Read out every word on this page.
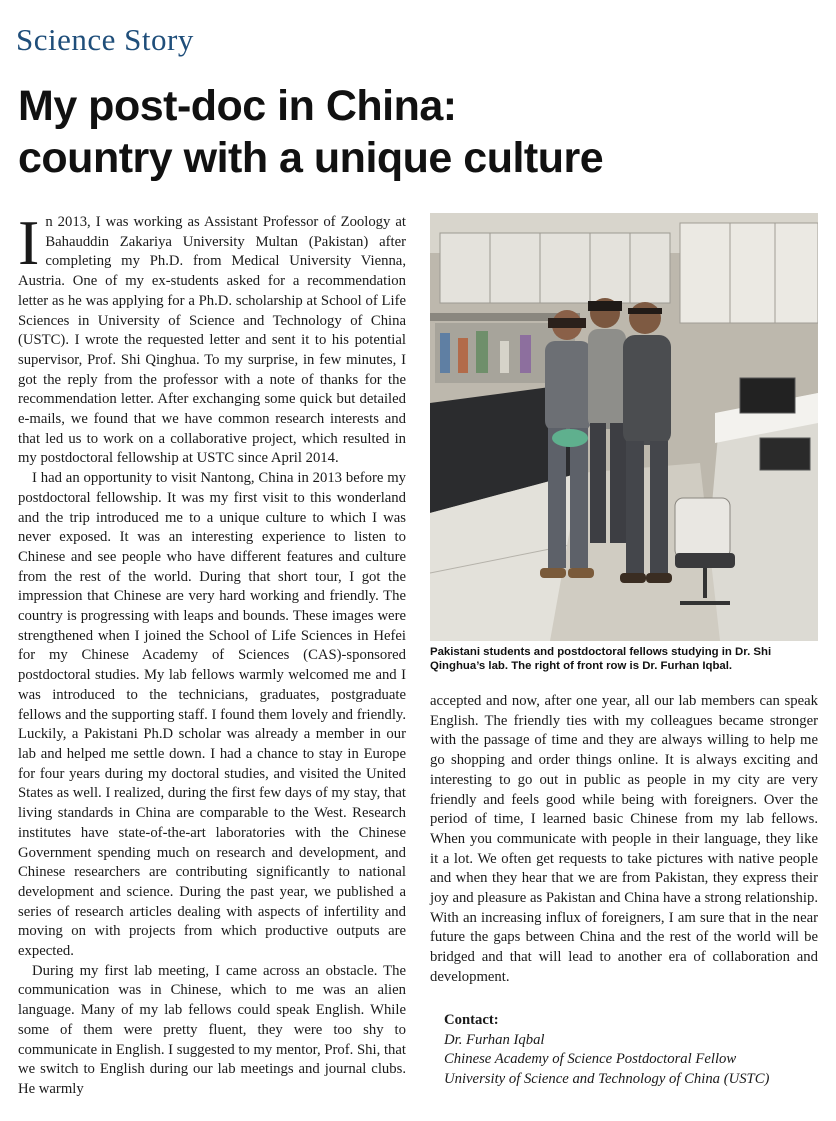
Science Story
My post-doc in China:
country with a unique culture

In 2013, I was working as Assistant Professor of Zoology at Bahauddin Zakariya University Multan (Pakistan) after completing my Ph.D. from Medical University Vienna, Austria. One of my ex-students asked for a recommendation letter as he was applying for a Ph.D. scholarship at School of Life Sciences in University of Science and Technology of China (USTC). I wrote the requested letter and sent it to his potential supervisor, Prof. Shi Qinghua. To my surprise, in few minutes, I got the reply from the professor with a note of thanks for the recommendation letter. After exchanging some quick but detailed e-mails, we found that we have common research interests and that led us to work on a collaborative project, which resulted in my postdoctoral fellowship at USTC since April 2014.

I had an opportunity to visit Nantong, China in 2013 before my postdoctoral fellowship. It was my first visit to this wonderland and the trip introduced me to a unique culture to which I was never exposed. It was an interesting experience to listen to Chinese and see people who have different features and culture from the rest of the world. During that short tour, I got the impression that Chinese are very hard working and friendly. The country is progressing with leaps and bounds. These images were strengthened when I joined the School of Life Sciences in Hefei for my Chinese Academy of Sciences (CAS)-sponsored postdoctoral studies. My lab fellows warmly welcomed me and I was introduced to the technicians, graduates, postgraduate fellows and the supporting staff. I found them lovely and friendly. Luckily, a Pakistani Ph.D scholar was already a member in our lab and helped me settle down. I had a chance to stay in Europe for four years during my doctoral studies, and visited the United States as well. I realized, during the first few days of my stay, that living standards in China are comparable to the West. Research institutes have state-of-the-art laboratories with the Chinese Government spending much on research and development, and Chinese researchers are contributing significantly to national development and science. During the past year, we published a series of research articles dealing with aspects of infertility and moving on with projects from which productive outputs are expected.

During my first lab meeting, I came across an obstacle. The communication was in Chinese, which to me was an alien language. Many of my lab fellows could speak English. While some of them were pretty fluent, they were too shy to communicate in English. I suggested to my mentor, Prof. Shi, that we switch to English during our lab meetings and journal clubs. He warmly

Pakistani students and postdoctoral fellows studying in Dr. Shi Qinghua’s lab. The right of front row is Dr. Furhan Iqbal.

accepted and now, after one year, all our lab members can speak English. The friendly ties with my colleagues became stronger with the passage of time and they are always willing to help me go shopping and order things online. It is always exciting and interesting to go out in public as people in my city are very friendly and feels good while being with foreigners. Over the period of time, I learned basic Chinese from my lab fellows. When you communicate with people in their language, they like it a lot. We often get requests to take pictures with native people and when they hear that we are from Pakistan, they express their joy and pleasure as Pakistan and China have a strong relationship. With an increasing influx of foreigners, I am sure that in the near future the gaps between China and the rest of the world will be bridged and that will lead to another era of collaboration and development.

Contact:
Dr. Furhan Iqbal
Chinese Academy of Science Postdoctoral Fellow
University of Science and Technology of China (USTC)
